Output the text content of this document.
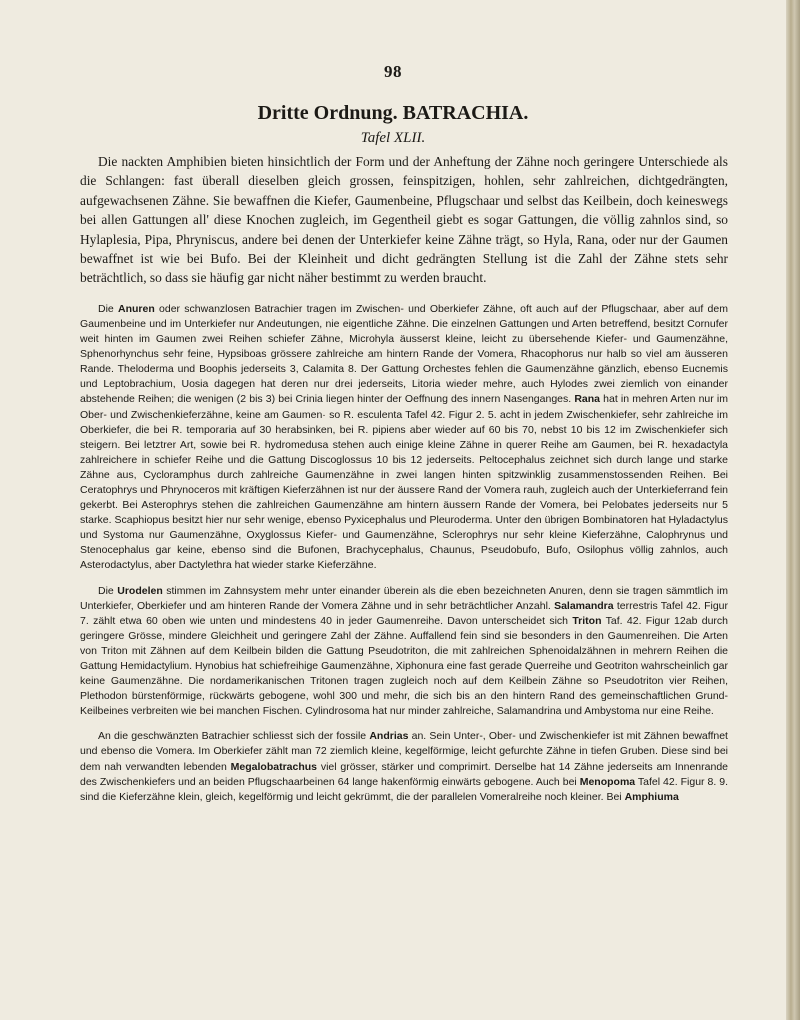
98
Dritte Ordnung. BATRACHIA.
Tafel XLII.

Die nackten Amphibien bieten hinsichtlich der Form und der Anheftung der Zähne noch geringere Unterschiede als die Schlangen: fast überall dieselben gleich grossen, feinspitzigen, hohlen, sehr zahlreichen, dichtgedrängten, aufgewachsenen Zähne. Sie bewaffnen die Kiefer, Gaumenbeine, Pflugschaar und selbst das Keilbein, doch keineswegs bei allen Gattungen all' diese Knochen zugleich, im Gegentheil giebt es sogar Gattungen, die völlig zahnlos sind, so Hylaplesia, Pipa, Phryniscus, andere bei denen der Unterkiefer keine Zähne trägt, so Hyla, Rana, oder nur der Gaumen bewaffnet ist wie bei Bufo. Bei der Kleinheit und dicht gedrängten Stellung ist die Zahl der Zähne stets sehr beträchtlich, so dass sie häufig gar nicht näher bestimmt zu werden braucht.

Die Anuren oder schwanzlosen Batrachier tragen im Zwischen- und Oberkiefer Zähne, oft auch auf der Pflugschaar, aber auf dem Gaumenbeine und im Unterkiefer nur Andeutungen, nie eigentliche Zähne. Die einzelnen Gattungen und Arten betreffend, besitzt Cornufer weit hinten im Gaumen zwei Reihen schiefer Zähne, Microhyla äusserst kleine, leicht zu übersehende Kiefer- und Gaumenzähne, Sphenorhynchus sehr feine, Hypsiboas grössere zahlreiche am hintern Rande der Vomera, Rhacophorus nur halb so viel am äusseren Rande. Theloderma und Boophis jederseits 3, Calamita 8. Der Gattung Orchestes fehlen die Gaumenzähne gänzlich, ebenso Eucnemis und Leptobrachium, Uosia dagegen hat deren nur drei jederseits, Litoria wieder mehre, auch Hylodes zwei ziemlich von einander abstehende Reihen; die wenigen (2 bis 3) bei Crinia liegen hinter der Oeffnung des innern Nasenganges. Rana hat in mehren Arten nur im Ober- und Zwischenkieferzähne, keine am Gaumen· so R. esculenta Tafel 42. Figur 2. 5. acht in jedem Zwischenkiefer, sehr zahlreiche im Oberkiefer, die bei R. temporaria auf 30 herabsinken, bei R. pipiens aber wieder auf 60 bis 70, nebst 10 bis 12 im Zwischenkiefer sich steigern. Bei letztrer Art, sowie bei R. hydromedusa stehen auch einige kleine Zähne in querer Reihe am Gaumen, bei R. hexadactyla zahlreichere in schiefer Reihe und die Gattung Discoglossus 10 bis 12 jederseits. Peltocephalus zeichnet sich durch lange und starke Zähne aus, Cycloramphus durch zahlreiche Gaumenzähne in zwei langen hinten spitzwinklig zusammenstossenden Reihen. Bei Ceratophrys und Phrynoceros mit kräftigen Kieferzähnen ist nur der äussere Rand der Vomera rauh, zugleich auch der Unterkieferrand fein gekerbt. Bei Asterophrys stehen die zahlreichen Gaumenzähne am hintern äussern Rande der Vomera, bei Pelobates jederseits nur 5 starke. Scaphiopus besitzt hier nur sehr wenige, ebenso Pyxicephalus und Pleuroderma. Unter den übrigen Bombinatoren hat Hyladactylus und Systoma nur Gaumenzähne, Oxyglossus Kiefer- und Gaumenzähne, Sclerophrys nur sehr kleine Kieferzähne, Calophrynus und Stenocephalus gar keine, ebenso sind die Bufonen, Brachycephalus, Chaunus, Pseudobufo, Bufo, Osilophus völlig zahnlos, auch Asterodactylus, aber Dactylethra hat wieder starke Kieferzähne.

Die Urodelen stimmen im Zahnsystem mehr unter einander überein als die eben bezeichneten Anuren, denn sie tragen sämmtlich im Unterkiefer, Oberkiefer und am hinteren Rande der Vomera Zähne und in sehr beträchtlicher Anzahl. Salamandra terrestris Tafel 42. Figur 7. zählt etwa 60 oben wie unten und mindestens 40 in jeder Gaumenreihe. Davon unterscheidet sich Triton Taf. 42. Figur 12ab durch geringere Grösse, mindere Gleichheit und geringere Zahl der Zähne. Auffallend fein sind sie besonders in den Gaumenreihen. Die Arten von Triton mit Zähnen auf dem Keilbein bilden die Gattung Pseudotriton, die mit zahlreichen Sphenoidalzähnen in mehrern Reihen die Gattung Hemidactylium. Hynobius hat schiefreihige Gaumenzähne, Xiphonura eine fast gerade Querreihe und Geotriton wahrscheinlich gar keine Gaumenzähne. Die nordamerikanischen Tritonen tragen zugleich noch auf dem Keilbein Zähne so Pseudotriton vier Reihen, Plethodon bürstenförmige, rückwärts gebogene, wohl 300 und mehr, die sich bis an den hintern Rand des gemeinschaftlichen Grund-Keilbeines verbreiten wie bei manchen Fischen. Cylindrosoma hat nur minder zahlreiche, Salamandrina und Ambystoma nur eine Reihe.

An die geschwänzten Batrachier schliesst sich der fossile Andrias an. Sein Unter-, Ober- und Zwischenkiefer ist mit Zähnen bewaffnet und ebenso die Vomera. Im Oberkiefer zählt man 72 ziemlich kleine, kegelförmige, leicht gefurchte Zähne in tiefen Gruben. Diese sind bei dem nah verwandten lebenden Megalobatrachus viel grösser, stärker und comprimirt. Derselbe hat 14 Zähne jederseits am Innenrande des Zwischenkiefers und an beiden Pflugschaarbeinen 64 lange hakenförmig einwärts gebogene. Auch bei Menopoma Tafel 42. Figur 8. 9. sind die Kieferzähne klein, gleich, kegelförmig und leicht gekrümmt, die der parallelen Vomeralreihe noch kleiner. Bei Amphiuma
